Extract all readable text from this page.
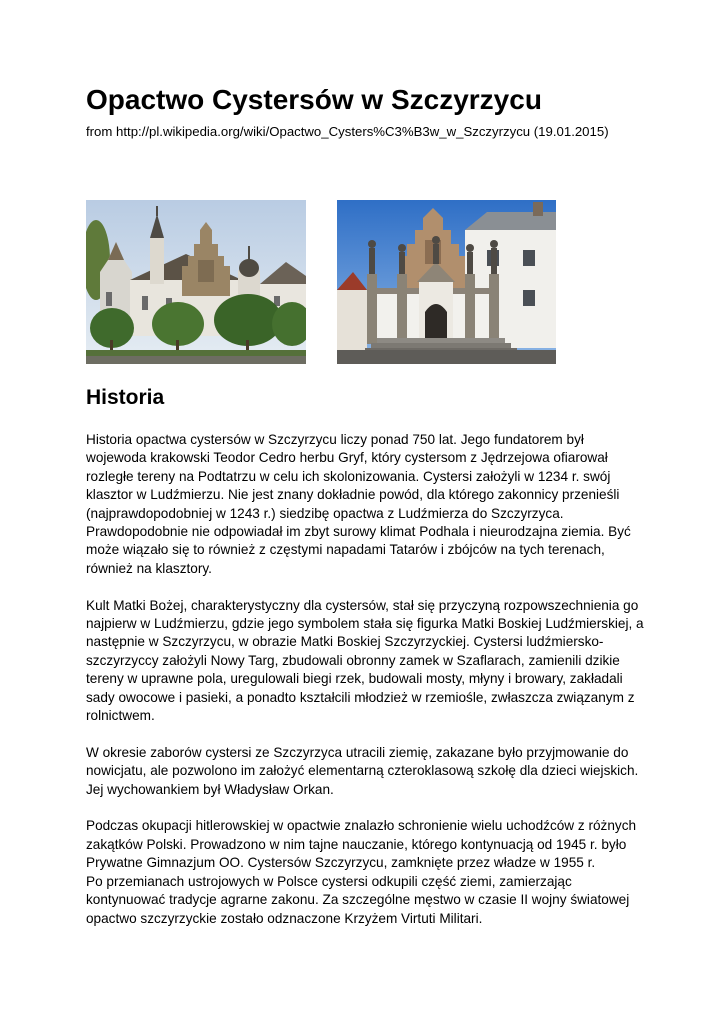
Opactwo Cystersów w Szczyrzycu

from http://pl.wikipedia.org/wiki/Opactwo_Cysters%C3%B3w_w_Szczyrzycu (19.01.2015)

Historia

Historia opactwa cystersów w Szczyrzycu liczy ponad 750 lat. Jego fundatorem był
wojewoda krakowski Teodor Cedro herbu Gryf, który cystersom z Jędrzejowa ofiarował
rozległe tereny na Podtatrzu w celu ich skolonizowania. Cystersi założyli w 1234 r. swój
klasztor w Ludźmierzu. Nie jest znany dokładnie powód, dla którego zakonnicy przenieśli
(najprawdopodobniej w 1243 r.) siedzibę opactwa z Ludźmierza do Szczyrzyca.
Prawdopodobnie nie odpowiadał im zbyt surowy klimat Podhala i nieurodzajna ziemia. Być
może wiązało się to również z częstymi napadami Tatarów i zbójców na tych terenach,
również na klasztory.

Kult Matki Bożej, charakterystyczny dla cystersów, stał się przyczyną rozpowszechnienia go
najpierw w Ludźmierzu, gdzie jego symbolem stała się figurka Matki Boskiej Ludźmierskiej, a
następnie w Szczyrzycu, w obrazie Matki Boskiej Szczyrzyckiej. Cystersi ludźmiersko-
szczyrzyccy założyli Nowy Targ, zbudowali obronny zamek w Szaflarach, zamienili dzikie
tereny w uprawne pola, uregulowali biegi rzek, budowali mosty, młyny i browary, zakładali
sady owocowe i pasieki, a ponadto kształcili młodzież w rzemiośle, zwłaszcza związanym z
rolnictwem.

W okresie zaborów cystersi ze Szczyrzyca utracili ziemię, zakazane było przyjmowanie do
nowicjatu, ale pozwolono im założyć elementarną czteroklasową szkołę dla dzieci wiejskich.
Jej wychowankiem był Władysław Orkan.

Podczas okupacji hitlerowskiej w opactwie znalazło schronienie wielu uchodźców z różnych
zakątków Polski. Prowadzono w nim tajne nauczanie, którego kontynuacją od 1945 r. było
Prywatne Gimnazjum OO. Cystersów Szczyrzycu, zamknięte przez władze w 1955 r.
Po przemianach ustrojowych w Polsce cystersi odkupili część ziemi, zamierzając
kontynuować tradycje agrarne zakonu. Za szczególne męstwo w czasie II wojny światowej
opactwo szczyrzyckie zostało odznaczone Krzyżem Virtuti Militari.
